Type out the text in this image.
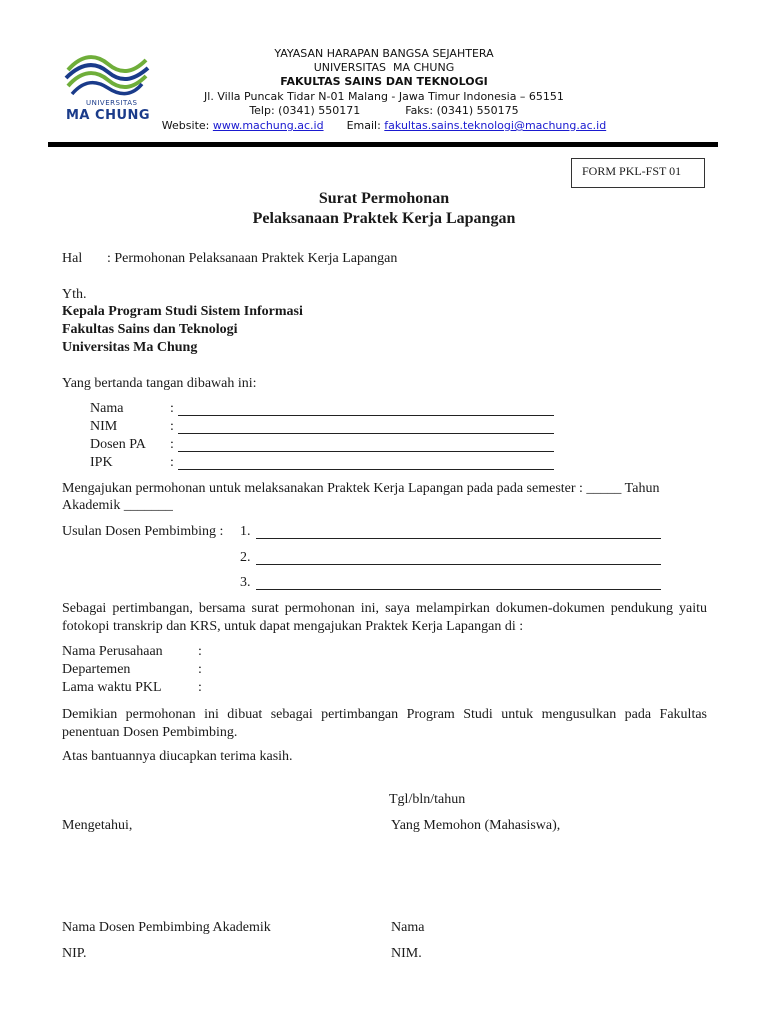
UNIVERSITAS
MA CHUNG
YAYASAN HARAPAN BANGSA SEJAHTERA
UNIVERSITAS  MA CHUNG
FAKULTAS SAINS DAN TEKNOLOGI
Jl. Villa Puncak Tidar N-01 Malang - Jawa Timur Indonesia – 65151
Telp: (0341) 550171	Faks: (0341) 550175
Website: www.machung.ac.id Email: fakultas.sains.teknologi@machung.ac.id
FORM PKL-FST 01
Surat Permohonan
Pelaksanaan Praktek Kerja Lapangan
Hal : Permohonan Pelaksanaan Praktek Kerja Lapangan
Yth.
Kepala Program Studi Sistem Informasi
Fakultas Sains dan Teknologi
Universitas Ma Chung
Yang bertanda tangan dibawah ini:
Nama	:
NIM	:
Dosen PA :
IPK	:
Mengajukan permohonan untuk melaksanakan Praktek Kerja Lapangan pada pada semester : _____ Tahun
Akademik _______
Usulan Dosen Pembimbing : 1.
2.
3.
Sebagai pertimbangan, bersama surat permohonan ini, saya melampirkan dokumen-dokumen pendukung yaitu fotokopi transkrip dan KRS, untuk dapat mengajukan Praktek Kerja Lapangan di :
Nama Perusahaan	:
Departemen	:
Lama waktu PKL	:
Demikian permohonan ini dibuat sebagai pertimbangan Program Studi untuk mengusulkan pada Fakultas penentuan Dosen Pembimbing.
Atas bantuannya diucapkan terima kasih.
Tgl/bln/tahun
Mengetahui,	Yang Memohon (Mahasiswa),
Nama Dosen Pembimbing Akademik	Nama
NIP.	NIM.
